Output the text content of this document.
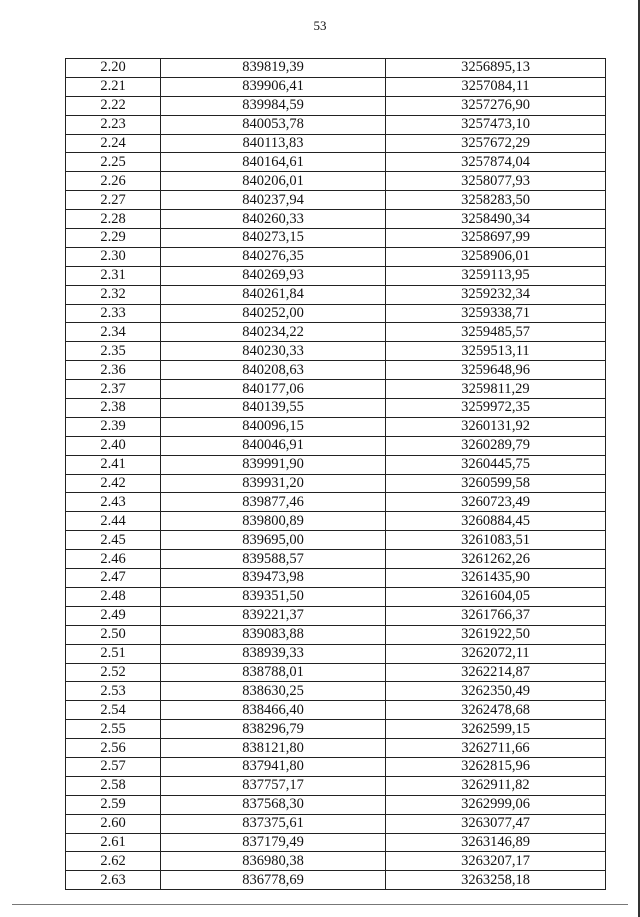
53
2.20	839819,39	3256895,13
2.21	839906,41	3257084,11
2.22	839984,59	3257276,90
2.23	840053,78	3257473,10
2.24	840113,83	3257672,29
2.25	840164,61	3257874,04
2.26	840206,01	3258077,93
2.27	840237,94	3258283,50
2.28	840260,33	3258490,34
2.29	840273,15	3258697,99
2.30	840276,35	3258906,01
2.31	840269,93	3259113,95
2.32	840261,84	3259232,34
2.33	840252,00	3259338,71
2.34	840234,22	3259485,57
2.35	840230,33	3259513,11
2.36	840208,63	3259648,96
2.37	840177,06	3259811,29
2.38	840139,55	3259972,35
2.39	840096,15	3260131,92
2.40	840046,91	3260289,79
2.41	839991,90	3260445,75
2.42	839931,20	3260599,58
2.43	839877,46	3260723,49
2.44	839800,89	3260884,45
2.45	839695,00	3261083,51
2.46	839588,57	3261262,26
2.47	839473,98	3261435,90
2.48	839351,50	3261604,05
2.49	839221,37	3261766,37
2.50	839083,88	3261922,50
2.51	838939,33	3262072,11
2.52	838788,01	3262214,87
2.53	838630,25	3262350,49
2.54	838466,40	3262478,68
2.55	838296,79	3262599,15
2.56	838121,80	3262711,66
2.57	837941,80	3262815,96
2.58	837757,17	3262911,82
2.59	837568,30	3262999,06
2.60	837375,61	3263077,47
2.61	837179,49	3263146,89
2.62	836980,38	3263207,17
2.63	836778,69	3263258,18
